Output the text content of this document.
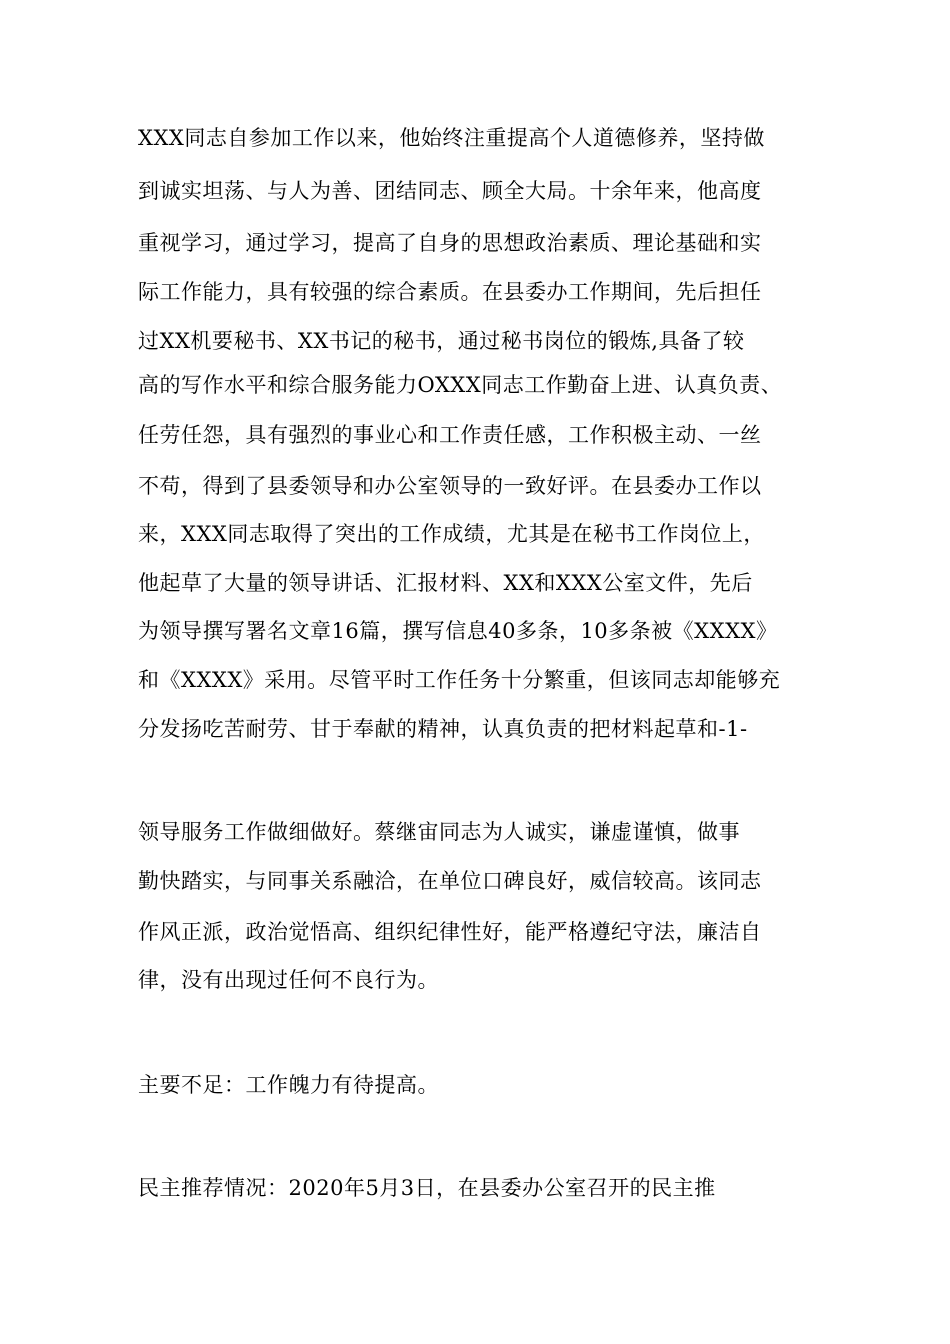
XXX同志自参加工作以来，他始终注重提高个人道德修养，坚持做
到诚实坦荡、与人为善、团结同志、顾全大局。十余年来，他高度
重视学习，通过学习，提高了自身的思想政治素质、理论基础和实
际工作能力，具有较强的综合素质。在县委办工作期间，先后担任
过XX机要秘书、XX书记的秘书，通过秘书岗位的锻炼,具备了较
高的写作水平和综合服务能力OXXX同志工作勤奋上进、认真负责、
任劳任怨，具有强烈的事业心和工作责任感，工作积极主动、一丝
不苟，得到了县委领导和办公室领导的一致好评。在县委办工作以
来，XXX同志取得了突出的工作成绩，尤其是在秘书工作岗位上，
他起草了大量的领导讲话、汇报材料、XX和XXX公室文件，先后
为领导撰写署名文章16篇，撰写信息40多条，10多条被《XXXX》
和《XXXX》采用。尽管平时工作任务十分繁重，但该同志却能够充
分发扬吃苦耐劳、甘于奉献的精神，认真负责的把材料起草和-1-
领导服务工作做细做好。蔡继宙同志为人诚实，谦虚谨慎，做事
勤快踏实，与同事关系融洽，在单位口碑良好，威信较高。该同志
作风正派，政治觉悟高、组织纪律性好，能严格遵纪守法，廉洁自
律，没有出现过任何不良行为。
主要不足：工作魄力有待提高。
民主推荐情况：2020年5月3日，在县委办公室召开的民主推
